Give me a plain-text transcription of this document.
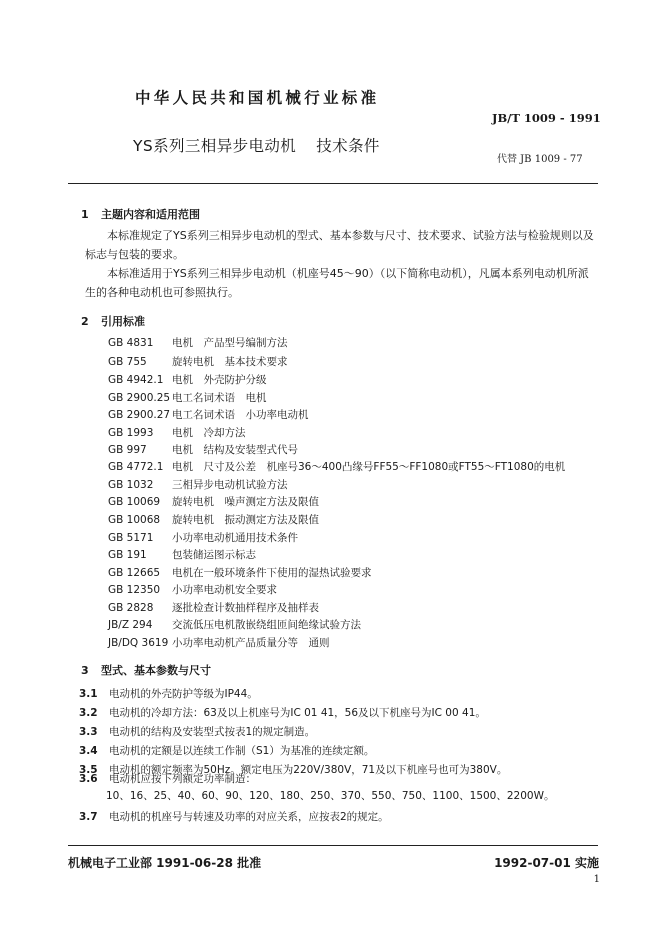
中华人民共和国机械行业标准
JB/T 1009 - 1991
YS系列三相异步电动机 技术条件
代替 JB 1009 - 77
1 主题内容和适用范围
本标准规定了YS系列三相异步电动机的型式、基本参数与尺寸、技术要求、试验方法与检验规则以及标志与包装的要求。
本标准适用于YS系列三相异步电动机（机座号45～90）（以下简称电动机），凡属本系列电动机所派生的各种电动机也可参照执行。
2 引用标准
GB 4831 电机　产品型号编制方法
GB 755 旋转电机　基本技术要求
GB 4942.1 电机　外壳防护分级
GB 2900.25 电工名词术语　电机
GB 2900.27 电工名词术语　小功率电动机
GB 1993 电机　冷却方法
GB 997 电机　结构及安装型式代号
GB 4772.1 电机　尺寸及公差　机座号36～400凸缘号FF55～FF1080或FT55～FT1080的电机
GB 1032 三相异步电动机试验方法
GB 10069 旋转电机　噪声测定方法及限值
GB 10068 旋转电机　振动测定方法及限值
GB 5171 小功率电动机通用技术条件
GB 191 包装储运图示标志
GB 12665 电机在一般环境条件下使用的湿热试验要求
GB 12350 小功率电动机安全要求
GB 2828 逐批检查计数抽样程序及抽样表
JB/Z 294 交流低压电机散嵌绕组匝间绝缘试验方法
JB/DQ 3619 小功率电动机产品质量分等　通则
3 型式、基本参数与尺寸
3.1 电动机的外壳防护等级为IP44。
3.2 电动机的冷却方法：63及以上机座号为IC 01 41，56及以下机座号为IC 00 41。
3.3 电动机的结构及安装型式按表1的规定制造。
3.4 电动机的定额是以连续工作制（S1）为基准的连续定额。
3.5 电动机的额定频率为50Hz。额定电压为220V/380V，71及以下机座号也可为380V。
3.6 电动机应按下列额定功率制造：
10、16、25、40、60、90、120、180、250、370、550、750、1100、1500、2200W。
3.7 电动机的机座号与转速及功率的对应关系，应按表2的规定。
机械电子工业部 1991-06-28 批准	1992-07-01 实施
1
